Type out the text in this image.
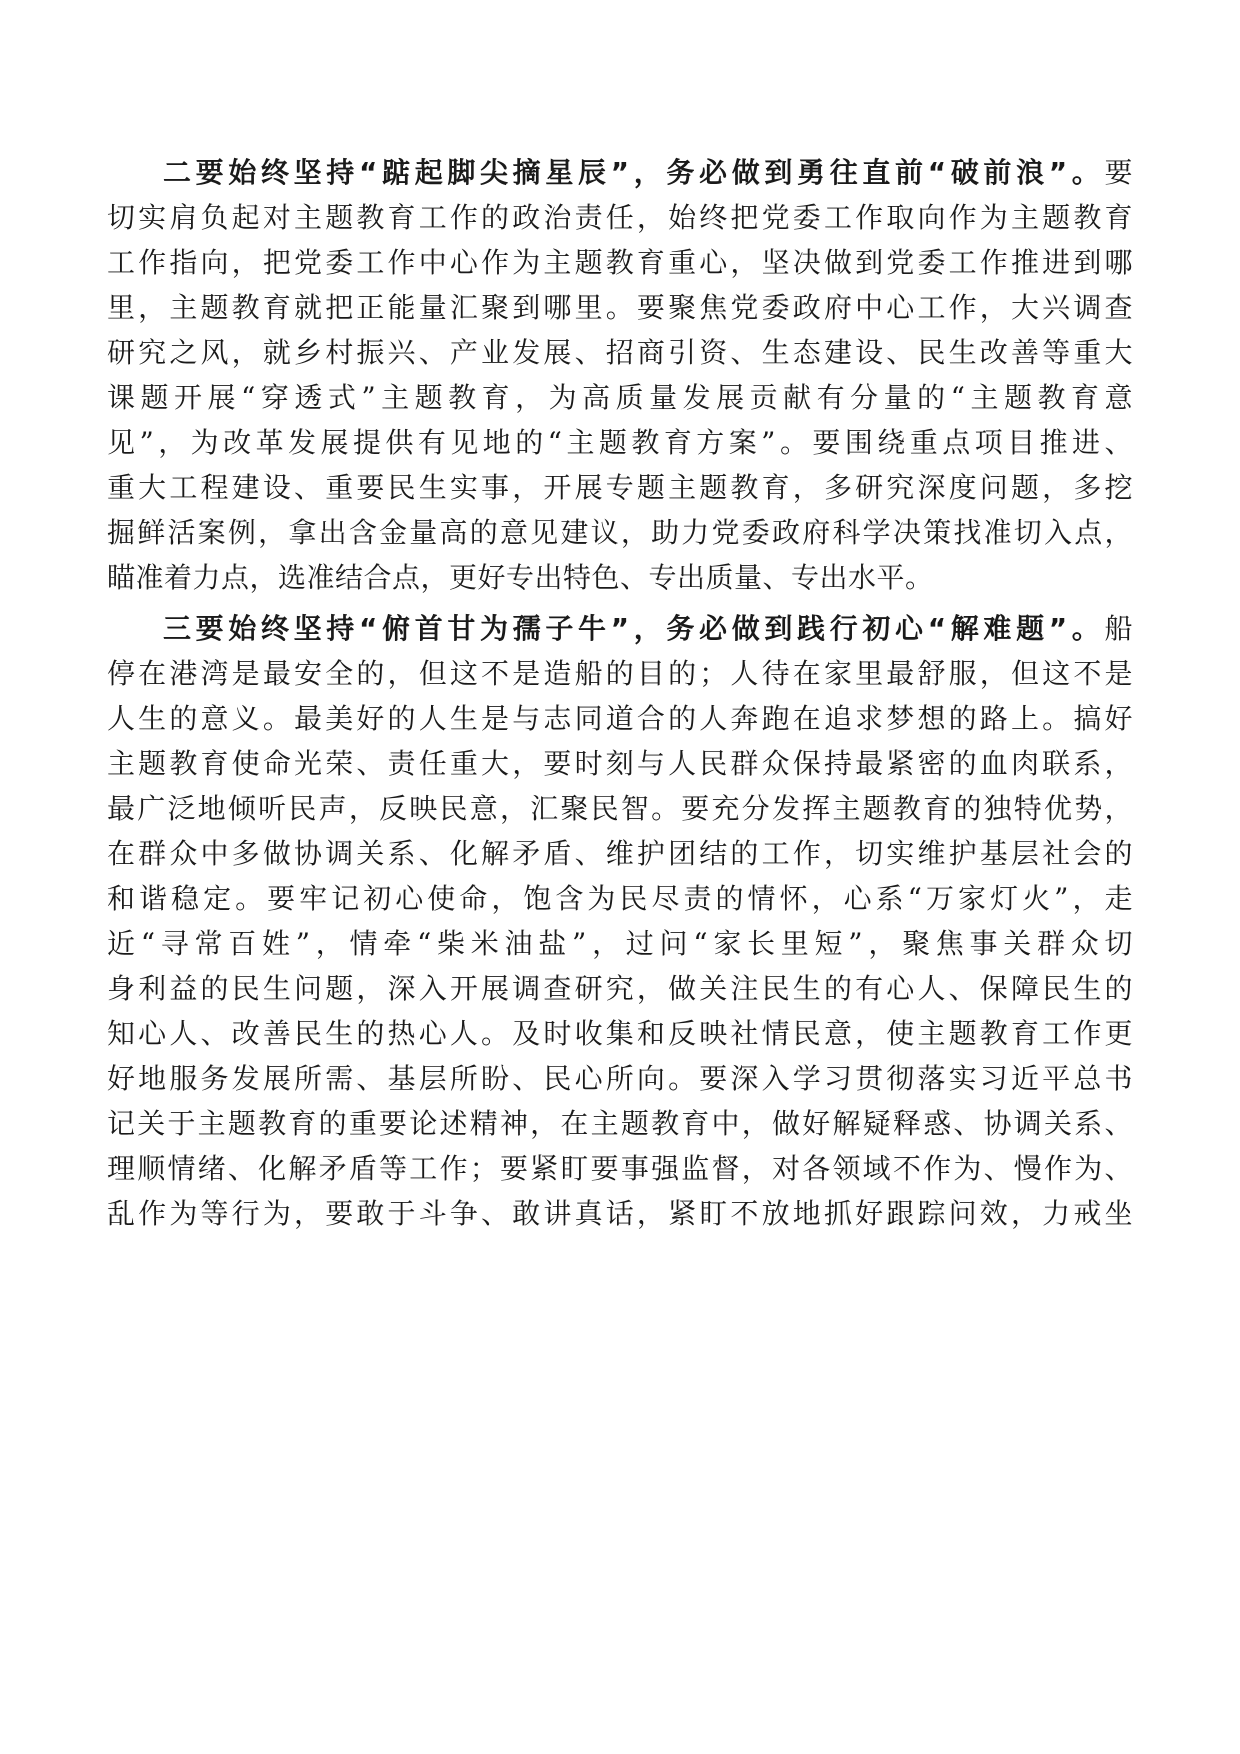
二要始终坚持“踮起脚尖摘星辰”，务必做到勇往直前“破前浪”。要
切实肩负起对主题教育工作的政治责任，始终把党委工作取向作为主题教育
工作指向，把党委工作中心作为主题教育重心，坚决做到党委工作推进到哪
里，主题教育就把正能量汇聚到哪里。要聚焦党委政府中心工作，大兴调查
研究之风，就乡村振兴、产业发展、招商引资、生态建设、民生改善等重大
课题开展“穿透式”主题教育，为高质量发展贡献有分量的“主题教育意
见”，为改革发展提供有见地的“主题教育方案”。要围绕重点项目推进、
重大工程建设、重要民生实事，开展专题主题教育，多研究深度问题，多挖
掘鲜活案例，拿出含金量高的意见建议，助力党委政府科学决策找准切入点，
瞄准着力点，选准结合点，更好专出特色、专出质量、专出水平。
三要始终坚持“俯首甘为孺子牛”，务必做到践行初心“解难题”。船
停在港湾是最安全的，但这不是造船的目的；人待在家里最舒服，但这不是
人生的意义。最美好的人生是与志同道合的人奔跑在追求梦想的路上。搞好
主题教育使命光荣、责任重大，要时刻与人民群众保持最紧密的血肉联系，
最广泛地倾听民声，反映民意，汇聚民智。要充分发挥主题教育的独特优势，
在群众中多做协调关系、化解矛盾、维护团结的工作，切实维护基层社会的
和谐稳定。要牢记初心使命，饱含为民尽责的情怀，心系“万家灯火”，走
近“寻常百姓”，情牵“柴米油盐”，过问“家长里短”，聚焦事关群众切
身利益的民生问题，深入开展调查研究，做关注民生的有心人、保障民生的
知心人、改善民生的热心人。及时收集和反映社情民意，使主题教育工作更
好地服务发展所需、基层所盼、民心所向。要深入学习贯彻落实习近平总书
记关于主题教育的重要论述精神，在主题教育中，做好解疑释惑、协调关系、
理顺情绪、化解矛盾等工作；要紧盯要事强监督，对各领域不作为、慢作为、
乱作为等行为，要敢于斗争、敢讲真话，紧盯不放地抓好跟踪问效，力戒坐
